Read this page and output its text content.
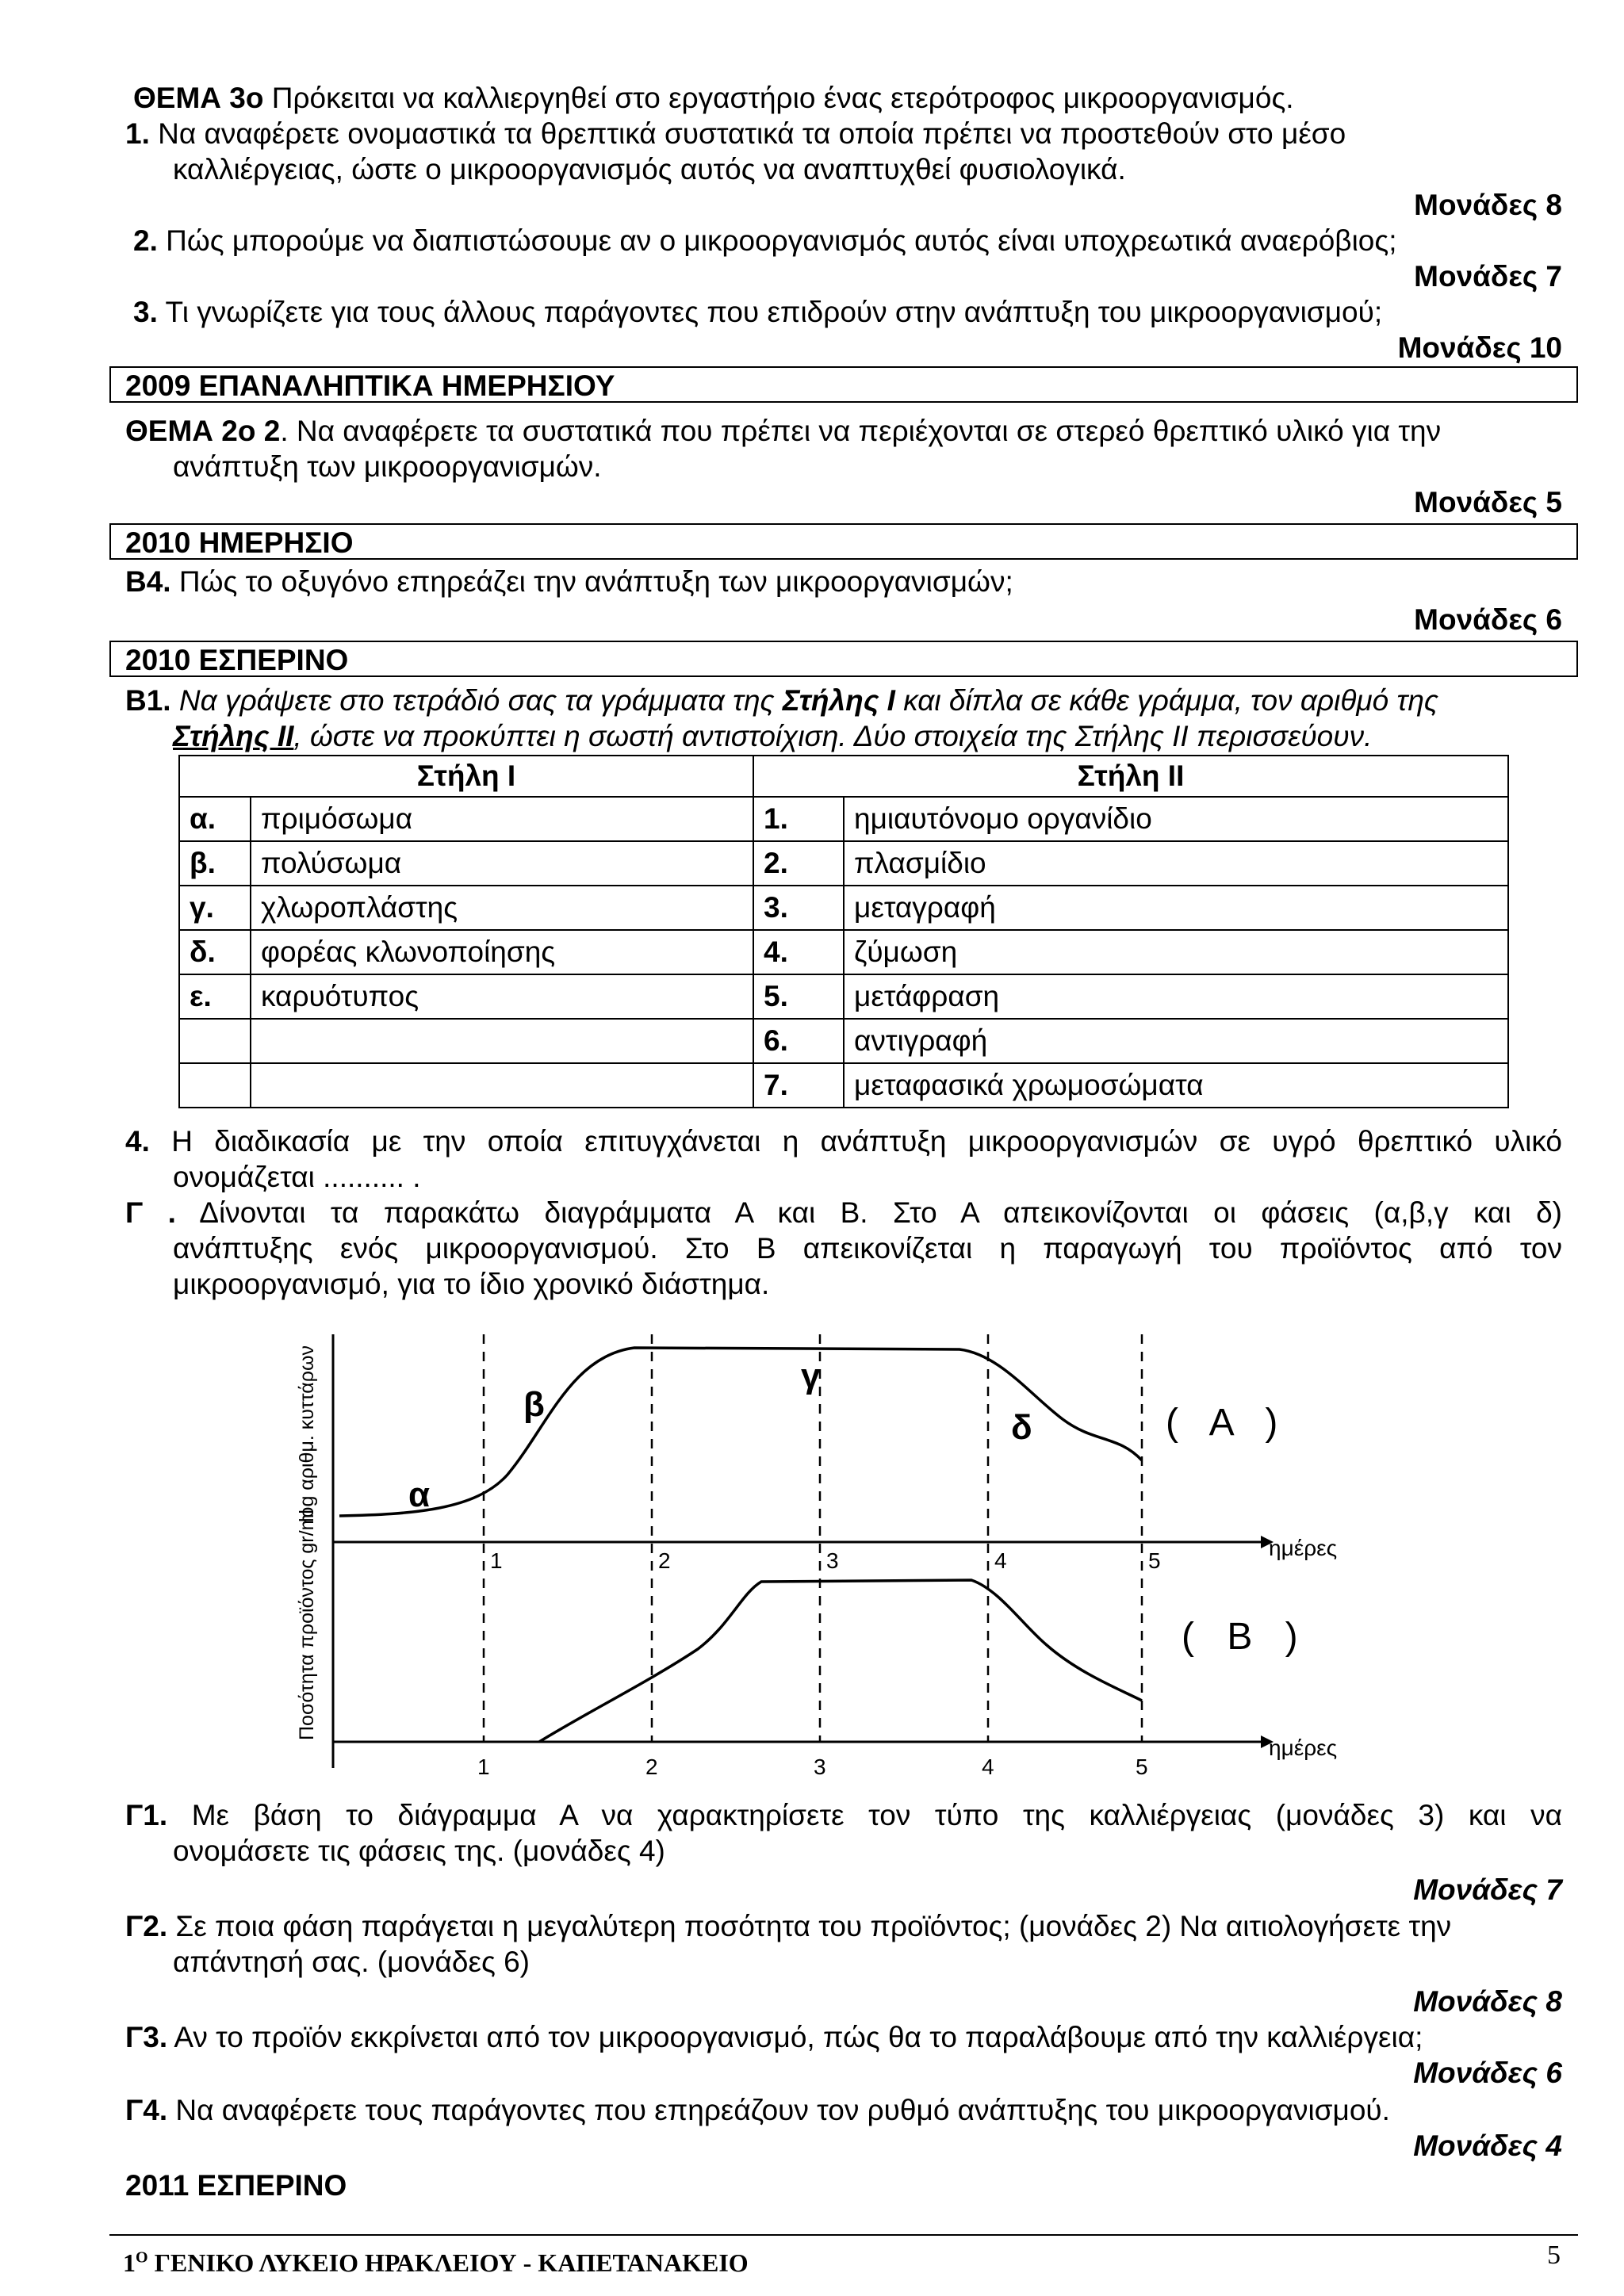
ΘΕΜΑ 3ο Πρόκειται να καλλιεργηθεί στο εργαστήριο ένας ετερότροφος μικροοργανισμός.
1. Να αναφέρετε ονομαστικά τα θρεπτικά συστατικά τα οποία πρέπει να προστεθούν στο μέσο
καλλιέργειας, ώστε ο μικροοργανισμός αυτός να αναπτυχθεί φυσιολογικά.
Μονάδες 8
2. Πώς μπορούμε να διαπιστώσουμε αν ο μικροοργανισμός αυτός είναι υποχρεωτικά αναερόβιος;
Μονάδες 7
3. Τι γνωρίζετε για τους άλλους παράγοντες που επιδρούν στην ανάπτυξη του μικροοργανισμού;
Μονάδες 10
2009 ΕΠΑΝΑΛΗΠΤΙΚΑ ΗΜΕΡΗΣΙΟΥ
ΘΕΜΑ 2ο 2. Να αναφέρετε τα συστατικά που πρέπει να περιέχονται σε στερεό θρεπτικό υλικό για την
ανάπτυξη των μικροοργανισμών.
Μονάδες 5
2010 ΗΜΕΡΗΣΙΟ
Β4. Πώς το οξυγόνο επηρεάζει την ανάπτυξη των μικροοργανισμών;
Μονάδες 6
2010 ΕΣΠΕΡΙΝΟ
Β1. Να γράψετε στο τετράδιό σας τα γράμματα της Στήλης Ι και δίπλα σε κάθε γράμμα, τον αριθμό της
Στήλης ΙΙ, ώστε να προκύπτει η σωστή αντιστοίχιση. Δύο στοιχεία της Στήλης ΙΙ περισσεύουν.
Στήλη Ι		Στήλη ΙΙ	
α.	πριμόσωμα	1.	ημιαυτόνομο οργανίδιο
β.	πολύσωμα	2.	πλασμίδιο
γ.	χλωροπλάστης	3.	μεταγραφή
δ.	φορέας κλωνοποίησης	4.	ζύμωση
ε.	καρυότυπος	5.	μετάφραση
		6.	αντιγραφή
		7.	μεταφασικά χρωμοσώματα
4. Η διαδικασία με την οποία επιτυγχάνεται η ανάπτυξη μικροοργανισμών σε υγρό θρεπτικό υλικό
ονομάζεται .......... .
Γ . Δίνονται τα παρακάτω διαγράμματα Α και Β. Στο Α απεικονίζονται οι φάσεις (α,β,γ και δ)
ανάπτυξης ενός μικροοργανισμού. Στο Β απεικονίζεται η παραγωγή του προϊόντος από τον
μικροοργανισμό, για το ίδιο χρονικό διάστημα.
α
β
γ
δ	( Α )
ημέρες
log αριθμ. κυττάρων
( Β )
ημέρες
Ποσότητα προϊόντος gr/ml	1	2	3	4	5
1	2	3	4	5
Γ1. Με βάση το διάγραμμα Α να χαρακτηρίσετε τον τύπο της καλλιέργειας (μονάδες 3) και να
ονομάσετε τις φάσεις της. (μονάδες 4)
Μονάδες 7
Γ2. Σε ποια φάση παράγεται η μεγαλύτερη ποσότητα του προϊόντος; (μονάδες 2) Να αιτιολογήσετε την
απάντησή σας. (μονάδες 6)
Μονάδες 8
Γ3. Αν το προϊόν εκκρίνεται από τον μικροοργανισμό, πώς θα το παραλάβουμε από την καλλιέργεια;
Μονάδες 6
Γ4. Να αναφέρετε τους παράγοντες που επηρεάζουν τον ρυθμό ανάπτυξης του μικροοργανισμού.
Μονάδες 4
2011 ΕΣΠΕΡΙΝΟ
$1^O$ ΓΕΝΙΚΟ ΛΥΚΕΙΟ ΗΡΑΚΛΕΙΟΥ - ΚΑΠΕΤΑΝΑΚΕΙΟ	5
